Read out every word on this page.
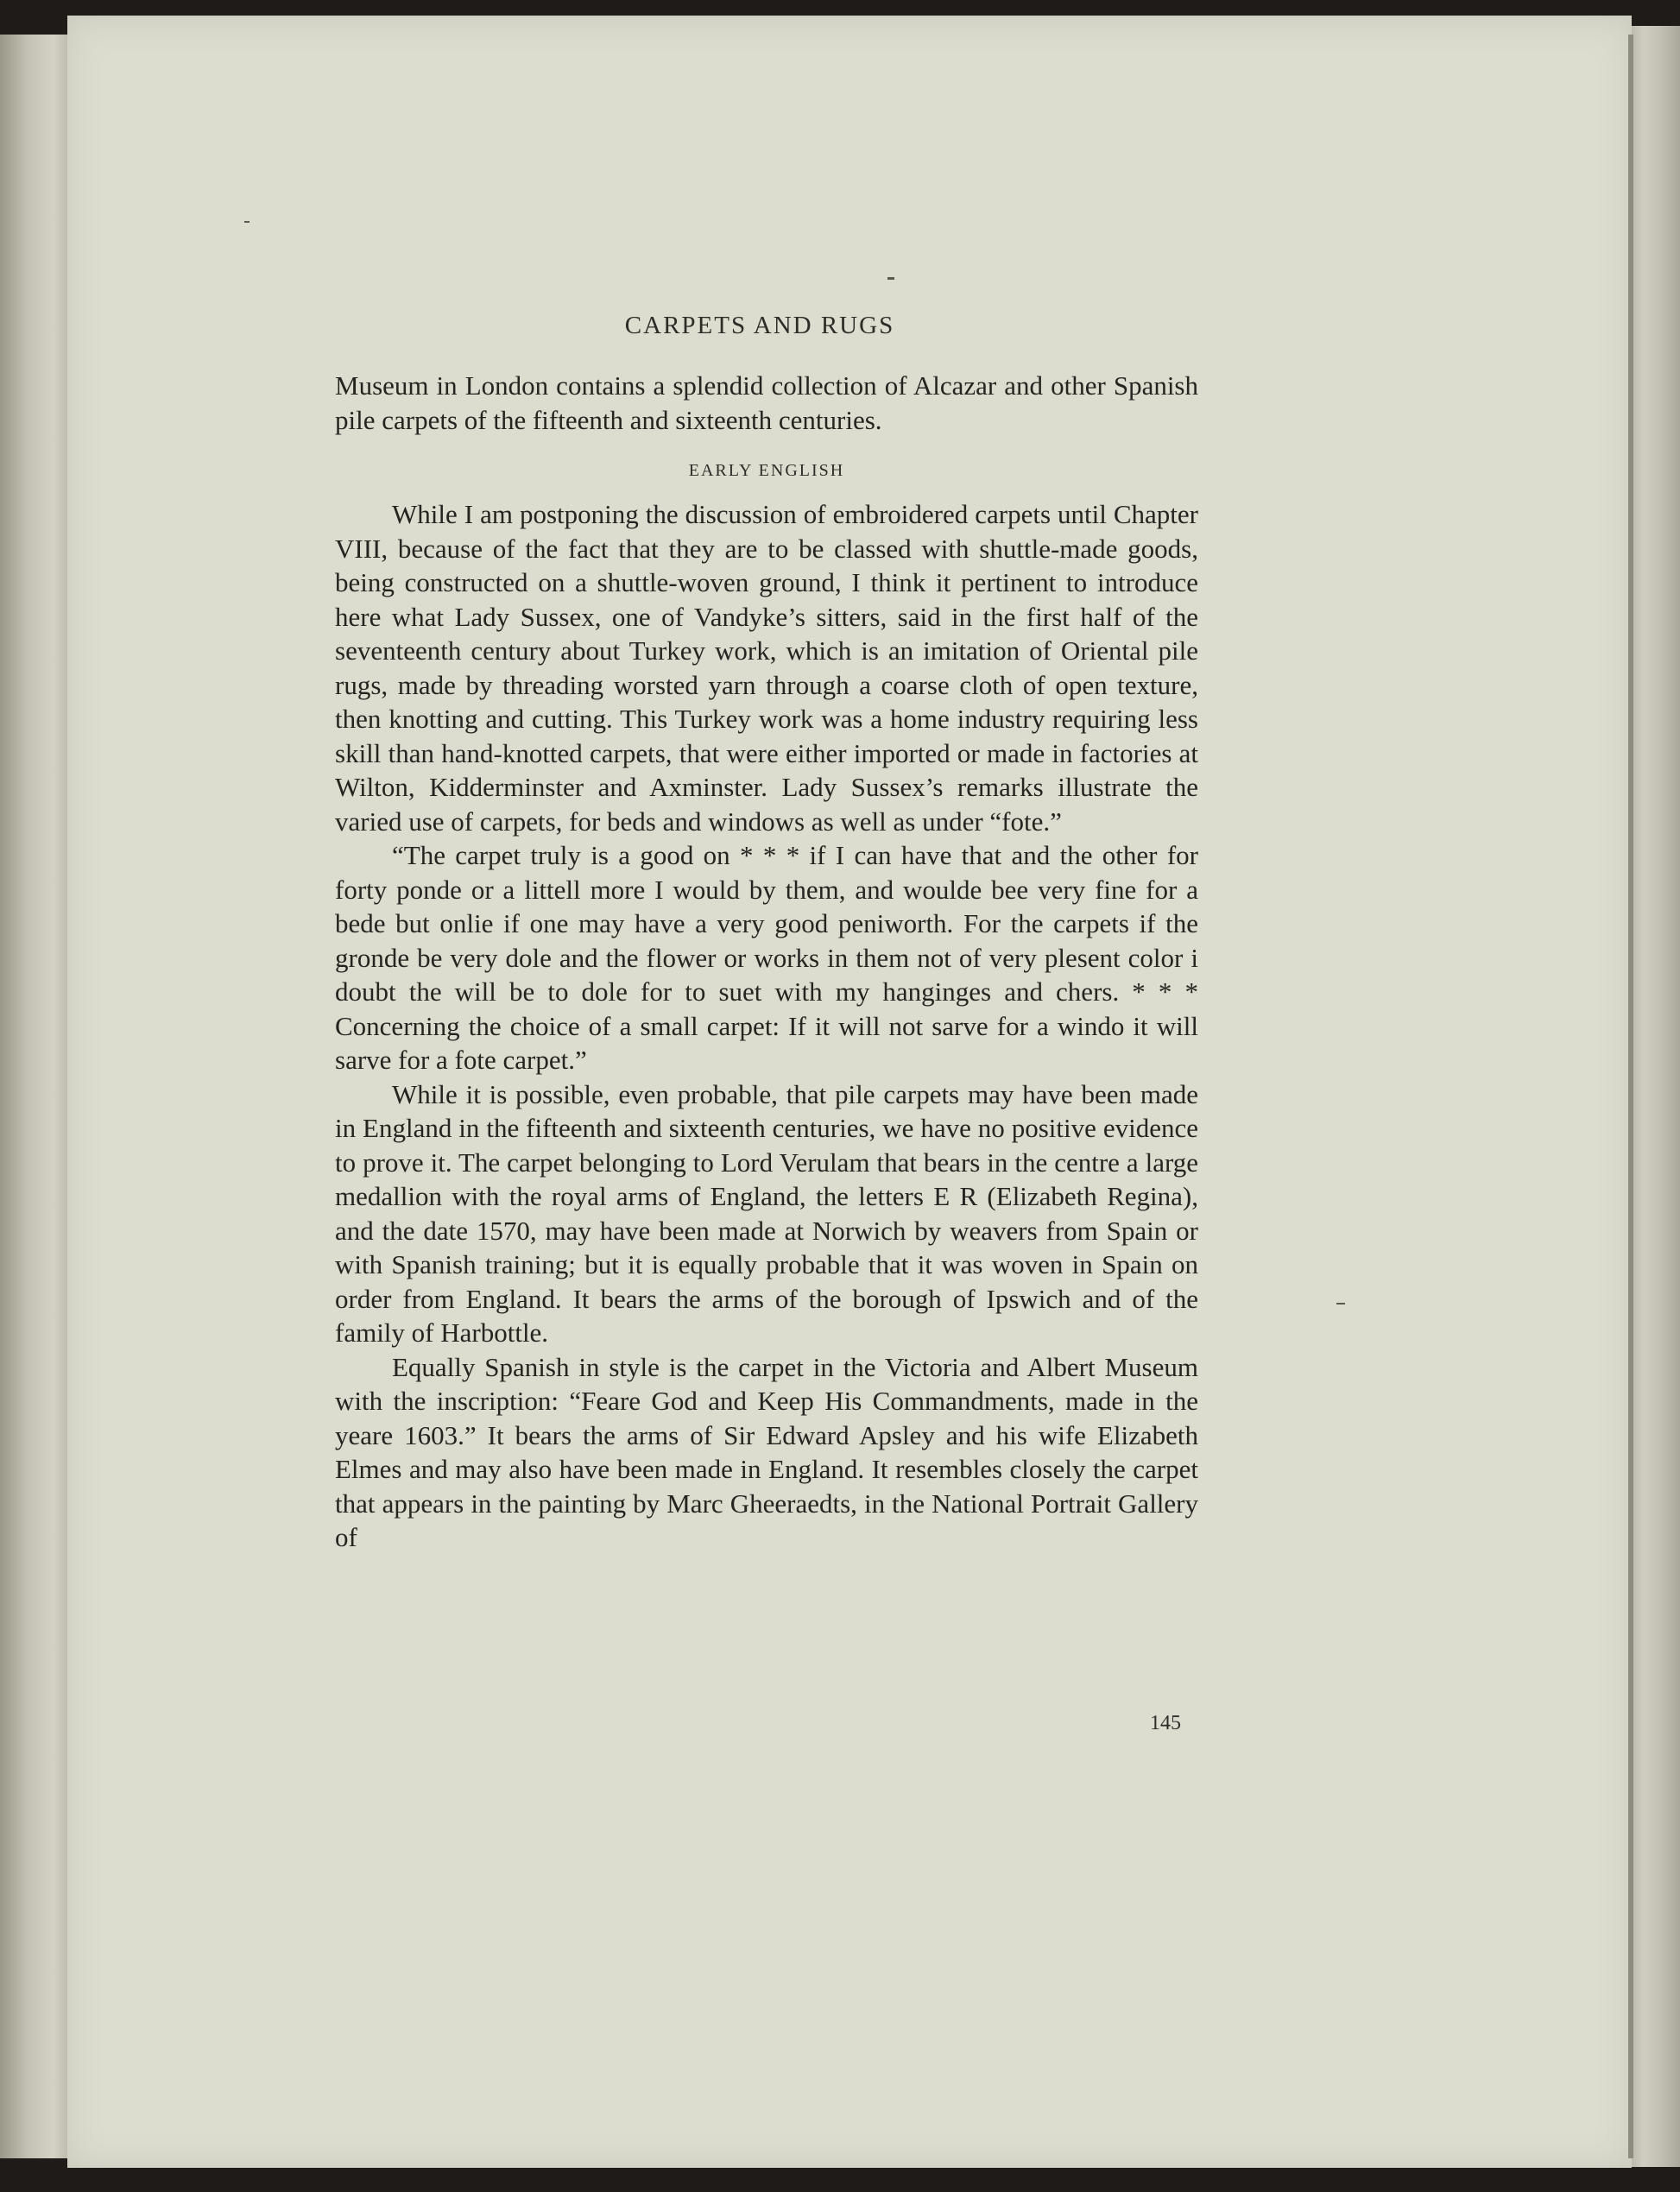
CARPETS AND RUGS

Museum in London contains a splendid collection of Alcazar and other Spanish pile carpets of the fifteenth and sixteenth centuries.

EARLY ENGLISH

While I am postponing the discussion of embroidered carpets until Chapter VIII, because of the fact that they are to be classed with shuttle-made goods, being constructed on a shuttle-woven ground, I think it pertinent to introduce here what Lady Sussex, one of Vandyke’s sitters, said in the first half of the seventeenth century about Turkey work, which is an imitation of Oriental pile rugs, made by threading worsted yarn through a coarse cloth of open texture, then knotting and cutting. This Turkey work was a home industry requiring less skill than hand-knotted carpets, that were either imported or made in factories at Wilton, Kidderminster and Axminster. Lady Sussex’s remarks illustrate the varied use of carpets, for beds and windows as well as under “fote.”

“The carpet truly is a good on * * * if I can have that and the other for forty ponde or a littell more I would by them, and woulde bee very fine for a bede but onlie if one may have a very good peniworth. For the carpets if the gronde be very dole and the flower or works in them not of very plesent color i doubt the will be to dole for to suet with my hanginges and chers. * * * Concerning the choice of a small carpet: If it will not sarve for a windo it will sarve for a fote carpet.”

While it is possible, even probable, that pile carpets may have been made in England in the fifteenth and sixteenth centuries, we have no positive evidence to prove it. The carpet belonging to Lord Verulam that bears in the centre a large medallion with the royal arms of England, the letters E R (Elizabeth Regina), and the date 1570, may have been made at Norwich by weavers from Spain or with Spanish training; but it is equally probable that it was woven in Spain on order from England. It bears the arms of the borough of Ipswich and of the family of Harbottle.

Equally Spanish in style is the carpet in the Victoria and Albert Museum with the inscription: “Feare God and Keep His Commandments, made in the yeare 1603.” It bears the arms of Sir Edward Apsley and his wife Elizabeth Elmes and may also have been made in England. It resembles closely the carpet that appears in the painting by Marc Gheeraedts, in the National Portrait Gallery of

145
